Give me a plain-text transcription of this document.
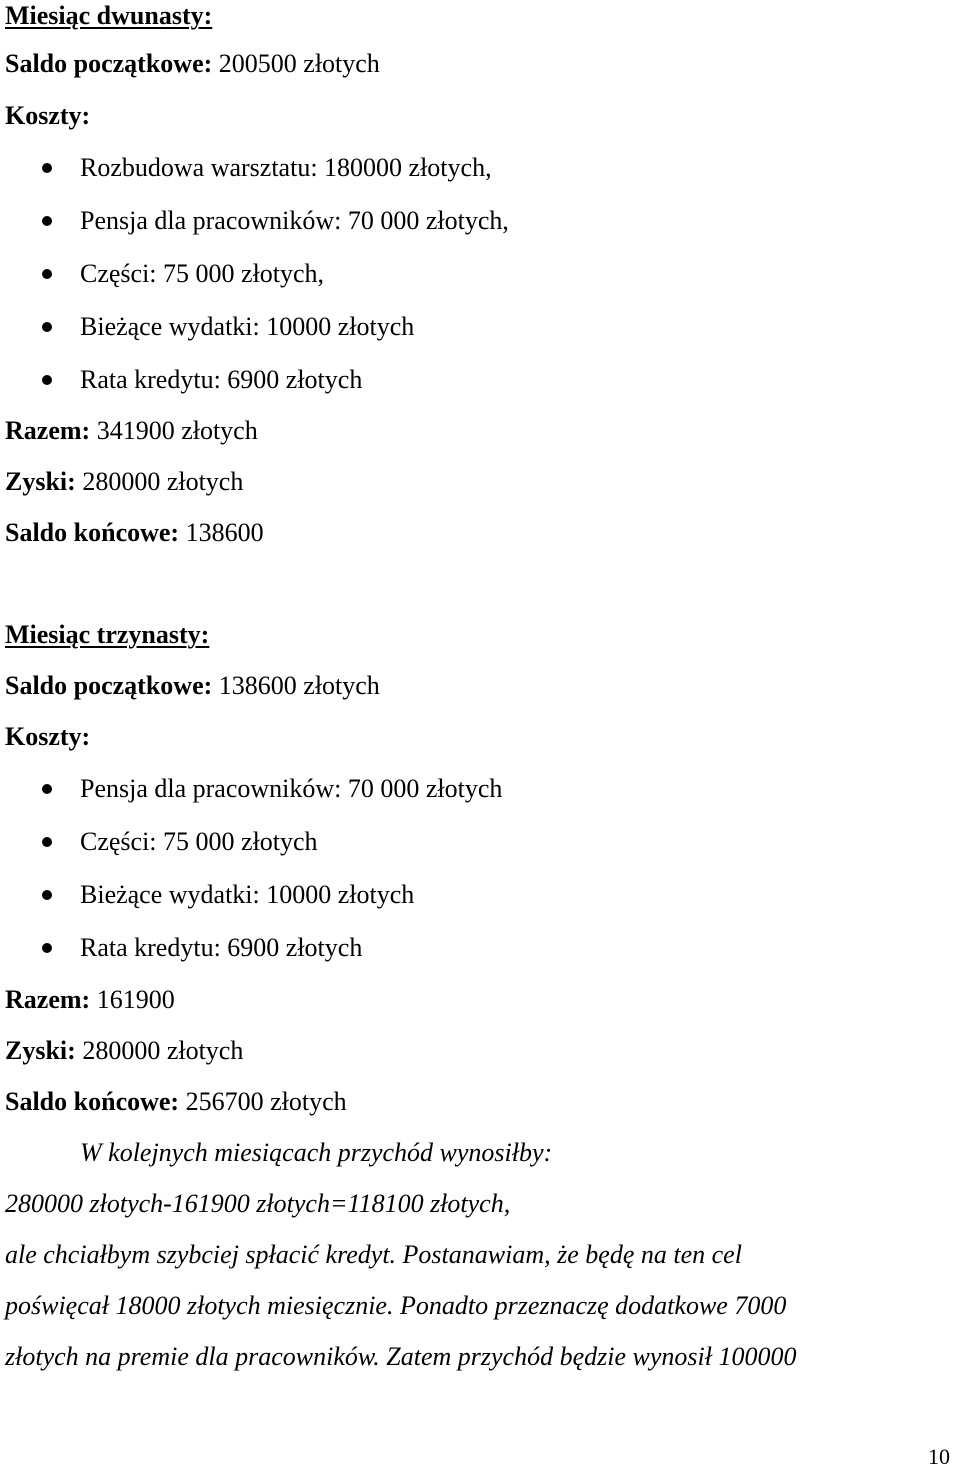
Miesiąc dwunasty:
Saldo początkowe: 200500 złotych
Koszty:
Rozbudowa warsztatu: 180000 złotych,
Pensja dla pracowników: 70 000 złotych,
Części: 75 000 złotych,
Bieżące wydatki: 10000 złotych
Rata kredytu: 6900 złotych
Razem: 341900 złotych
Zyski: 280000 złotych
Saldo końcowe: 138600
Miesiąc trzynasty:
Saldo początkowe: 138600 złotych
Koszty:
Pensja dla pracowników: 70 000 złotych
Części: 75 000 złotych
Bieżące wydatki: 10000 złotych
Rata kredytu: 6900 złotych
Razem: 161900
Zyski: 280000 złotych
Saldo końcowe: 256700 złotych
W kolejnych miesiącach przychód wynosiłby:
280000 złotych-161900 złotych=118100 złotych,
ale chciałbym szybciej spłacić kredyt. Postanawiam, że będę na ten cel
poświęcał 18000 złotych miesięcznie. Ponadto przeznaczę dodatkowe 7000
złotych na premie dla pracowników. Zatem przychód będzie wynosił 100000
10
